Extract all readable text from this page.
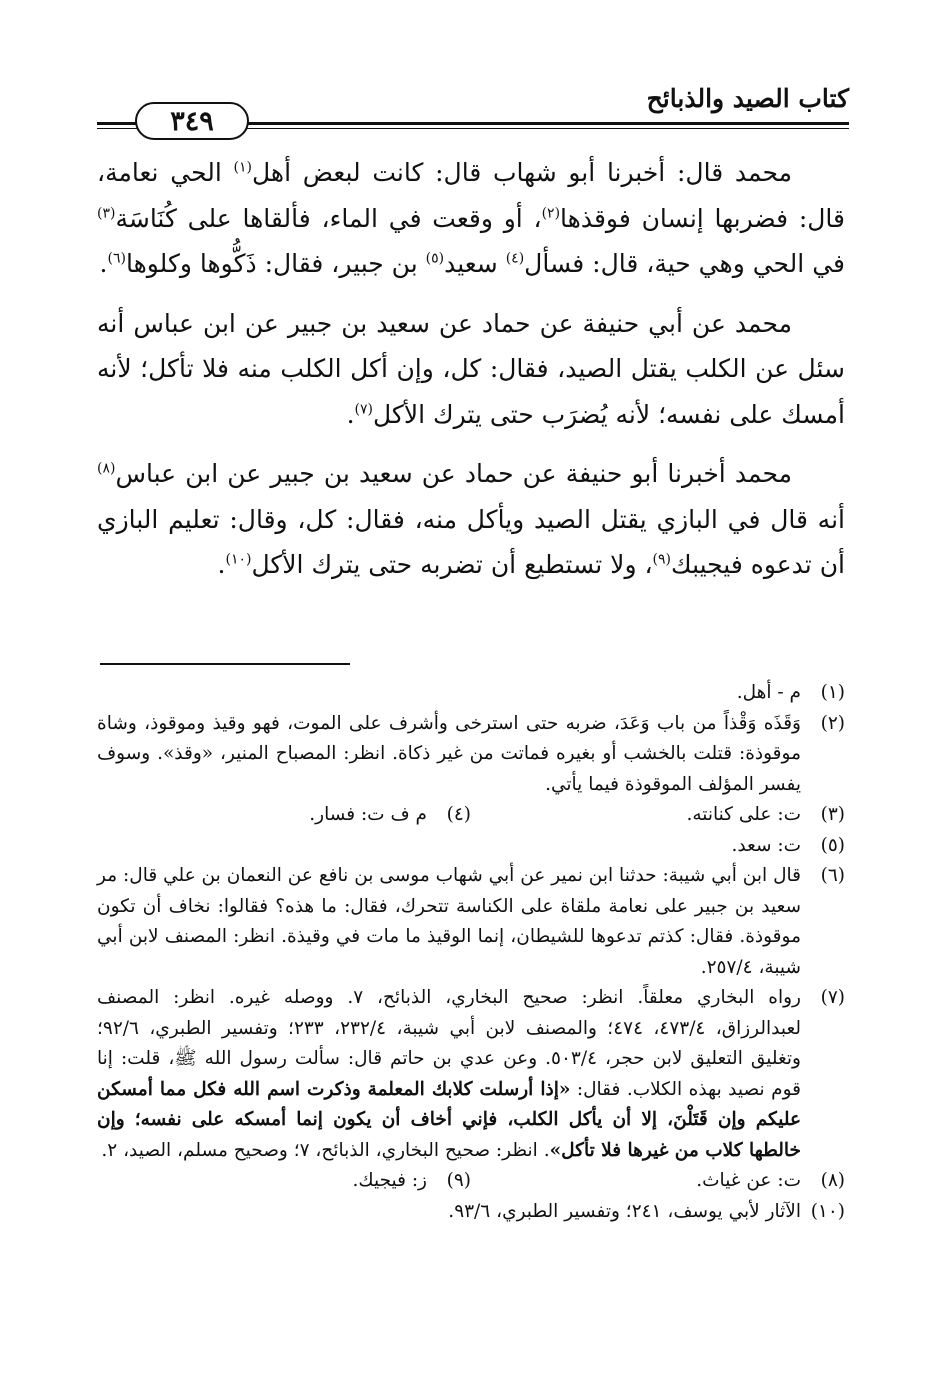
كتاب الصيد والذبائح
٣٤٩

محمد قال: أخبرنا أبو شهاب قال: كانت لبعض أهل$^{(١)}$ الحي نعامة، قال: فضربها إنسان فوقذها$^{(٢)}$، أو وقعت في الماء، فألقاها على كُنَاسَة$^{(٣)}$ في الحي وهي حية، قال: فسأل$^{(٤)}$ سعيد$^{(٥)}$ بن جبير، فقال: ذَكُّوها وكلوها$^{(٦)}$.

محمد عن أبي حنيفة عن حماد عن سعيد بن جبير عن ابن عباس أنه سئل عن الكلب يقتل الصيد، فقال: كل، وإن أكل الكلب منه فلا تأكل؛ لأنه أمسك على نفسه؛ لأنه يُضرَب حتى يترك الأكل$^{(٧)}$.

محمد أخبرنا أبو حنيفة عن حماد عن سعيد بن جبير عن ابن عباس$^{(٨)}$ أنه قال في البازي يقتل الصيد ويأكل منه، فقال: كل، وقال: تعليم البازي أن تدعوه فيجيبك$^{(٩)}$، ولا تستطيع أن تضربه حتى يترك الأكل$^{(١٠)}$.

(١)
م - أهل.
(٢)
وَقَذَه وَقْذاً من باب وَعَدَ، ضربه حتى استرخى وأشرف على الموت، فهو وقيذ وموقوذ، وشاة موقوذة: قتلت بالخشب أو بغيره فماتت من غير ذكاة. انظر: المصباح المنير، «وقذ». وسوف يفسر المؤلف الموقوذة فيما يأتي.
(٣)
ت: على كنانته.
(٤)
م ف ت: فسار.
(٥)
ت: سعد.
(٦)
قال ابن أبي شيبة: حدثنا ابن نمير عن أبي شهاب موسى بن نافع عن النعمان بن علي قال: مر سعيد بن جبير على نعامة ملقاة على الكناسة تتحرك، فقال: ما هذه؟ فقالوا: نخاف أن تكون موقوذة. فقال: كذتم تدعوها للشيطان، إنما الوقيذ ما مات في وقيذة. انظر: المصنف لابن أبي شيبة، ٢٥٧/٤.
(٧)
رواه البخاري معلقاً. انظر: صحيح البخاري، الذبائح، ٧. ووصله غيره. انظر: المصنف لعبدالرزاق، ٤٧٣/٤، ٤٧٤؛ والمصنف لابن أبي شيبة، ٢٣٢/٤، ٢٣٣؛ وتفسير الطبري، ٩٢/٦؛ وتغليق التعليق لابن حجر، ٥٠٣/٤. وعن عدي بن حاتم قال: سألت رسول الله ﷺ، قلت: إنا قوم نصيد بهذه الكلاب. فقال: «إذا أرسلت كلابك المعلمة وذكرت اسم الله فكل مما أمسكن عليكم وإن قَتَلْنَ، إلا أن يأكل الكلب، فإني أخاف أن يكون إنما أمسكه على نفسه؛ وإن خالطها كلاب من غيرها فلا تأكل». انظر: صحيح البخاري، الذبائح، ٧؛ وصحيح مسلم، الصيد، ٢.
(٨)
ت: عن غياث.
(٩)
ز: فيجيك.
(١٠)
الآثار لأبي يوسف، ٢٤١؛ وتفسير الطبري، ٩٣/٦.
